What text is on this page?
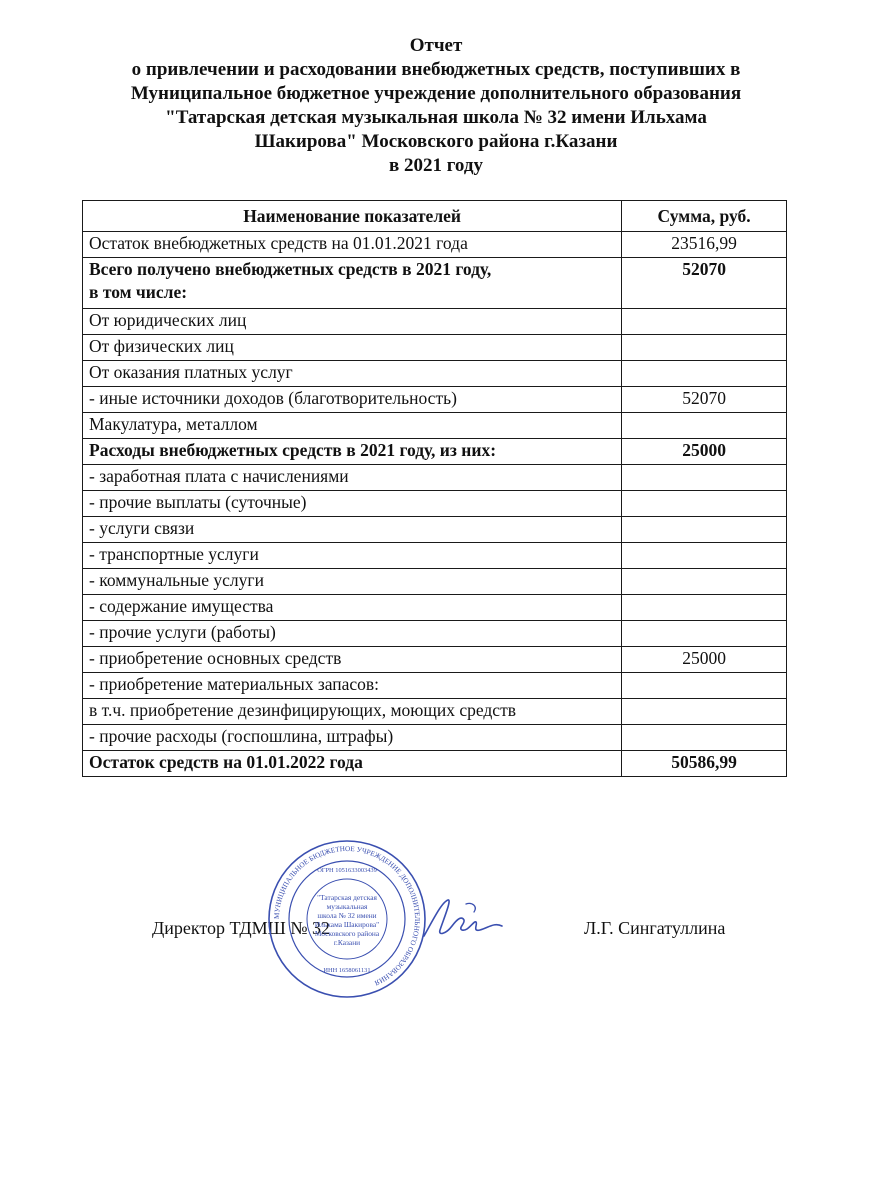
Отчет
о привлечении и расходовании внебюджетных средств, поступивших в
Муниципальное бюджетное учреждение дополнительного образования
"Татарская детская музыкальная школа № 32 имени Ильхама
Шакирова" Московского района г.Казани
в 2021 году
Наименование показателей	Сумма, руб.
Остаток внебюджетных средств на 01.01.2021 года	23516,99
Всего получено внебюджетных средств в 2021 году,
в том числе:	52070
От юридических лиц	
От физических лиц	
От оказания платных услуг	
- иные источники доходов (благотворительность)	52070
Макулатура, металлом	
Расходы внебюджетных средств в 2021 году, из них:	25000
- заработная плата с начислениями	
- прочие выплаты (суточные)	
- услуги связи	
- транспортные услуги	
- коммунальные услуги	
- содержание имущества	
- прочие услуги (работы)	
- приобретение основных средств	25000
- приобретение материальных запасов:	
в т.ч. приобретение дезинфицирующих, моющих средств	
- прочие расходы (госпошлина, штрафы)	
Остаток средств на 01.01.2022 года	50586,99
Директор ТДМШ № 32	Л.Г. Сингатуллина
МУНИЦИПАЛЬНОЕ БЮДЖЕТНОЕ УЧРЕЖДЕНИЕ ДОПОЛНИТЕЛЬНОГО ОБРАЗОВАНИЯ
"Татарская детская
музыкальная
школа № 32 имени
Ильхама Шакирова"
Московского района
г.Казани
ОГРН 1051633003439
ИНН 1658061131
